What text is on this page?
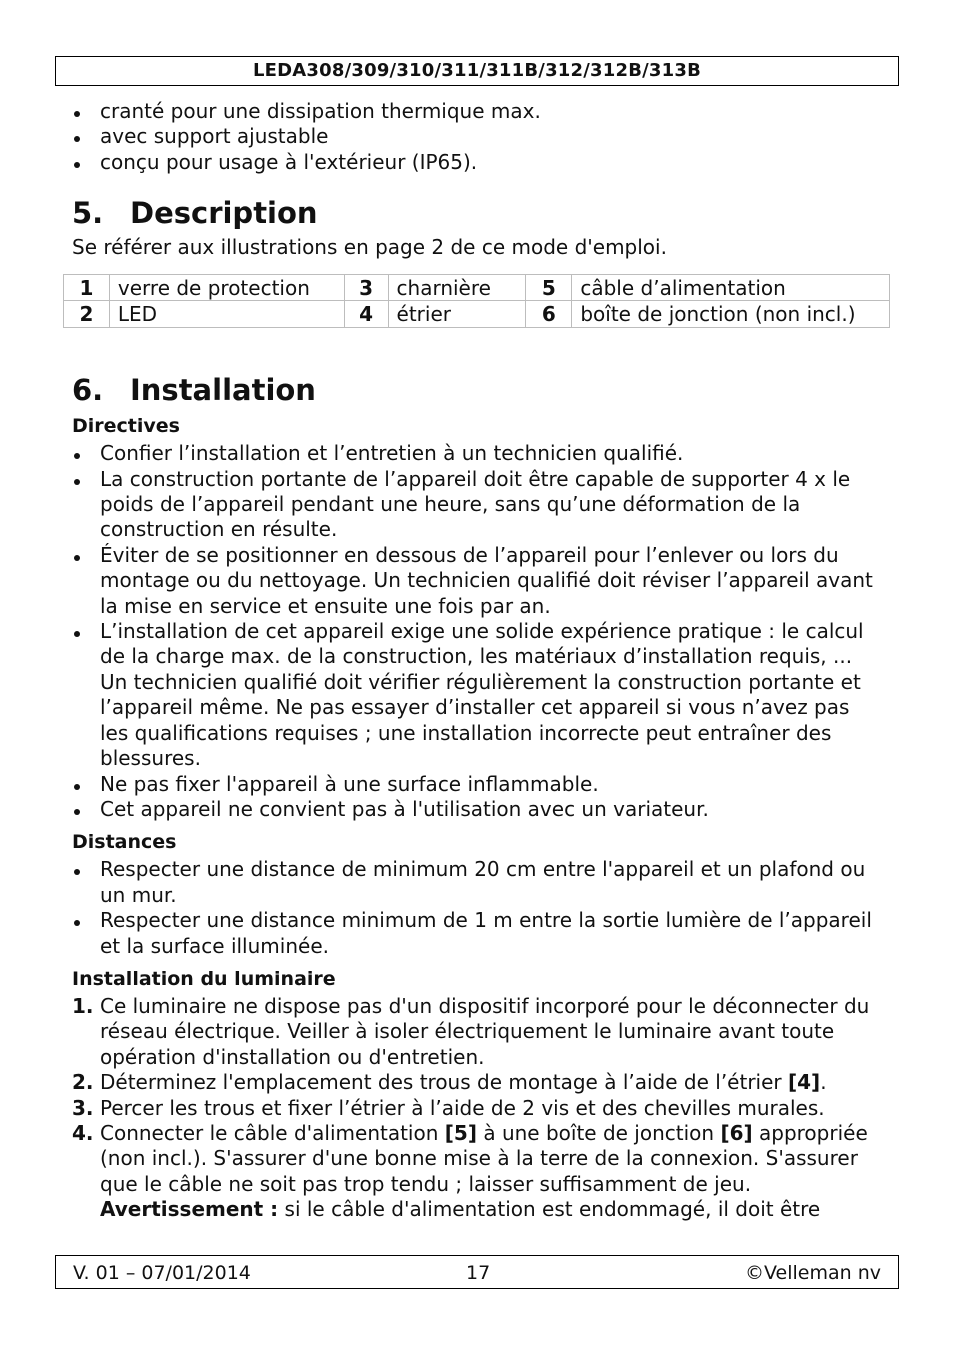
LEDA308/309/310/311/311B/312/312B/313B
cranté pour une dissipation thermique max.
avec support ajustable
conçu pour usage à l'extérieur (IP65).
5. Description

Se référer aux illustrations en page 2 de ce mode d'emploi.

6. Installation
Directives
Confier l’installation et l’entretien à un technicien qualifié.
La construction portante de l’appareil doit être capable de supporter 4 x le poids de l’appareil pendant une heure, sans qu’une déformation de la construction en résulte.
Éviter de se positionner en dessous de l’appareil pour l’enlever ou lors du montage ou du nettoyage. Un technicien qualifié doit réviser l’appareil avant la mise en service et ensuite une fois par an.
L’installation de cet appareil exige une solide expérience pratique : le calcul de la charge max. de la construction, les matériaux d’installation requis, ... Un technicien qualifié doit vérifier régulièrement la construction portante et l’appareil même. Ne pas essayer d’installer cet appareil si vous n’avez pas les qualifications requises ; une installation incorrecte peut entraîner des blessures.
Ne pas fixer l'appareil à une surface inflammable.
Cet appareil ne convient pas à l'utilisation avec un variateur.
Distances
Respecter une distance de minimum 20 cm entre l'appareil et un plafond ou un mur.
Respecter une distance minimum de 1 m entre la sortie lumière de l’appareil et la surface illuminée.
Installation du luminaire
1. Ce luminaire ne dispose pas d'un dispositif incorporé pour le déconnecter du réseau électrique. Veiller à isoler électriquement le luminaire avant toute opération d'installation ou d'entretien.
2. Déterminez l'emplacement des trous de montage à l’aide de l’étrier [4].
3. Percer les trous et fixer l’étrier à l’aide de 2 vis et des chevilles murales.
4. Connecter le câble d'alimentation [5] à une boîte de jonction [6] appropriée (non incl.). S'assurer d'une bonne mise à la terre de la connexion. S'assurer que le câble ne soit pas trop tendu ; laisser suffisamment de jeu.
Avertissement : si le câble d'alimentation est endommagé, il doit être
1	verre de protection	3	charnière	5	câble d’alimentation
2	LED	4	étrier	6	boîte de jonction (non incl.)
V. 01 – 07/01/2014	17	©Velleman nv
